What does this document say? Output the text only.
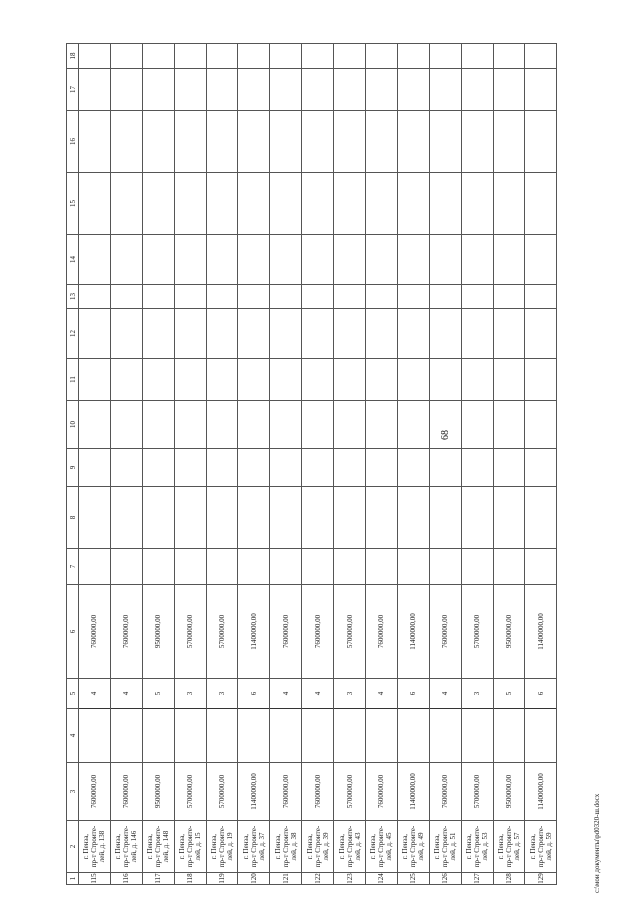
68
1	2	3	4	5	6	7	8	9	10	11	12	13	14	15	16	17	18
115	г. Пенза, пр-т Строите- лей, д. 138	7600000,00		4	7600000,00												
116	г. Пенза, пр-т Строите- лей, д. 146	7600000,00		4	7600000,00												
117	г. Пенза, пр-т Строите- лей, д. 148	9500000,00		5	9500000,00												
118	г. Пенза, пр-т Строите- лей, д. 15	5700000,00		3	5700000,00												
119	г. Пенза, пр-т Строите- лей, д. 19	5700000,00		3	5700000,00												
120	г. Пенза, пр-т Строите- лей, д. 37	11400000,00		6	11400000,00												
121	г. Пенза, пр-т Строите- лей, д. 38	7600000,00		4	7600000,00												
122	г. Пенза, пр-т Строите- лей, д. 39	7600000,00		4	7600000,00												
123	г. Пенза, пр-т Строите- лей, д. 43	5700000,00		3	5700000,00												
124	г. Пенза, пр-т Строите- лей, д. 45	7600000,00		4	7600000,00												
125	г. Пенза, пр-т Строите- лей, д. 49	11400000,00		6	11400000,00												
126	г. Пенза, пр-т Строите- лей, д. 51	7600000,00		4	7600000,00												
127	г. Пенза, пр-т Строите- лей, д. 53	5700000,00		3	5700000,00												
128	г. Пенза, пр-т Строите- лей, д. 57	9500000,00		5	9500000,00												
129	г. Пенза, пр-т Строите- лей, д. 59	11400000,00		6	11400000,00												
c:\мои документы\pd0320-ш.docx
